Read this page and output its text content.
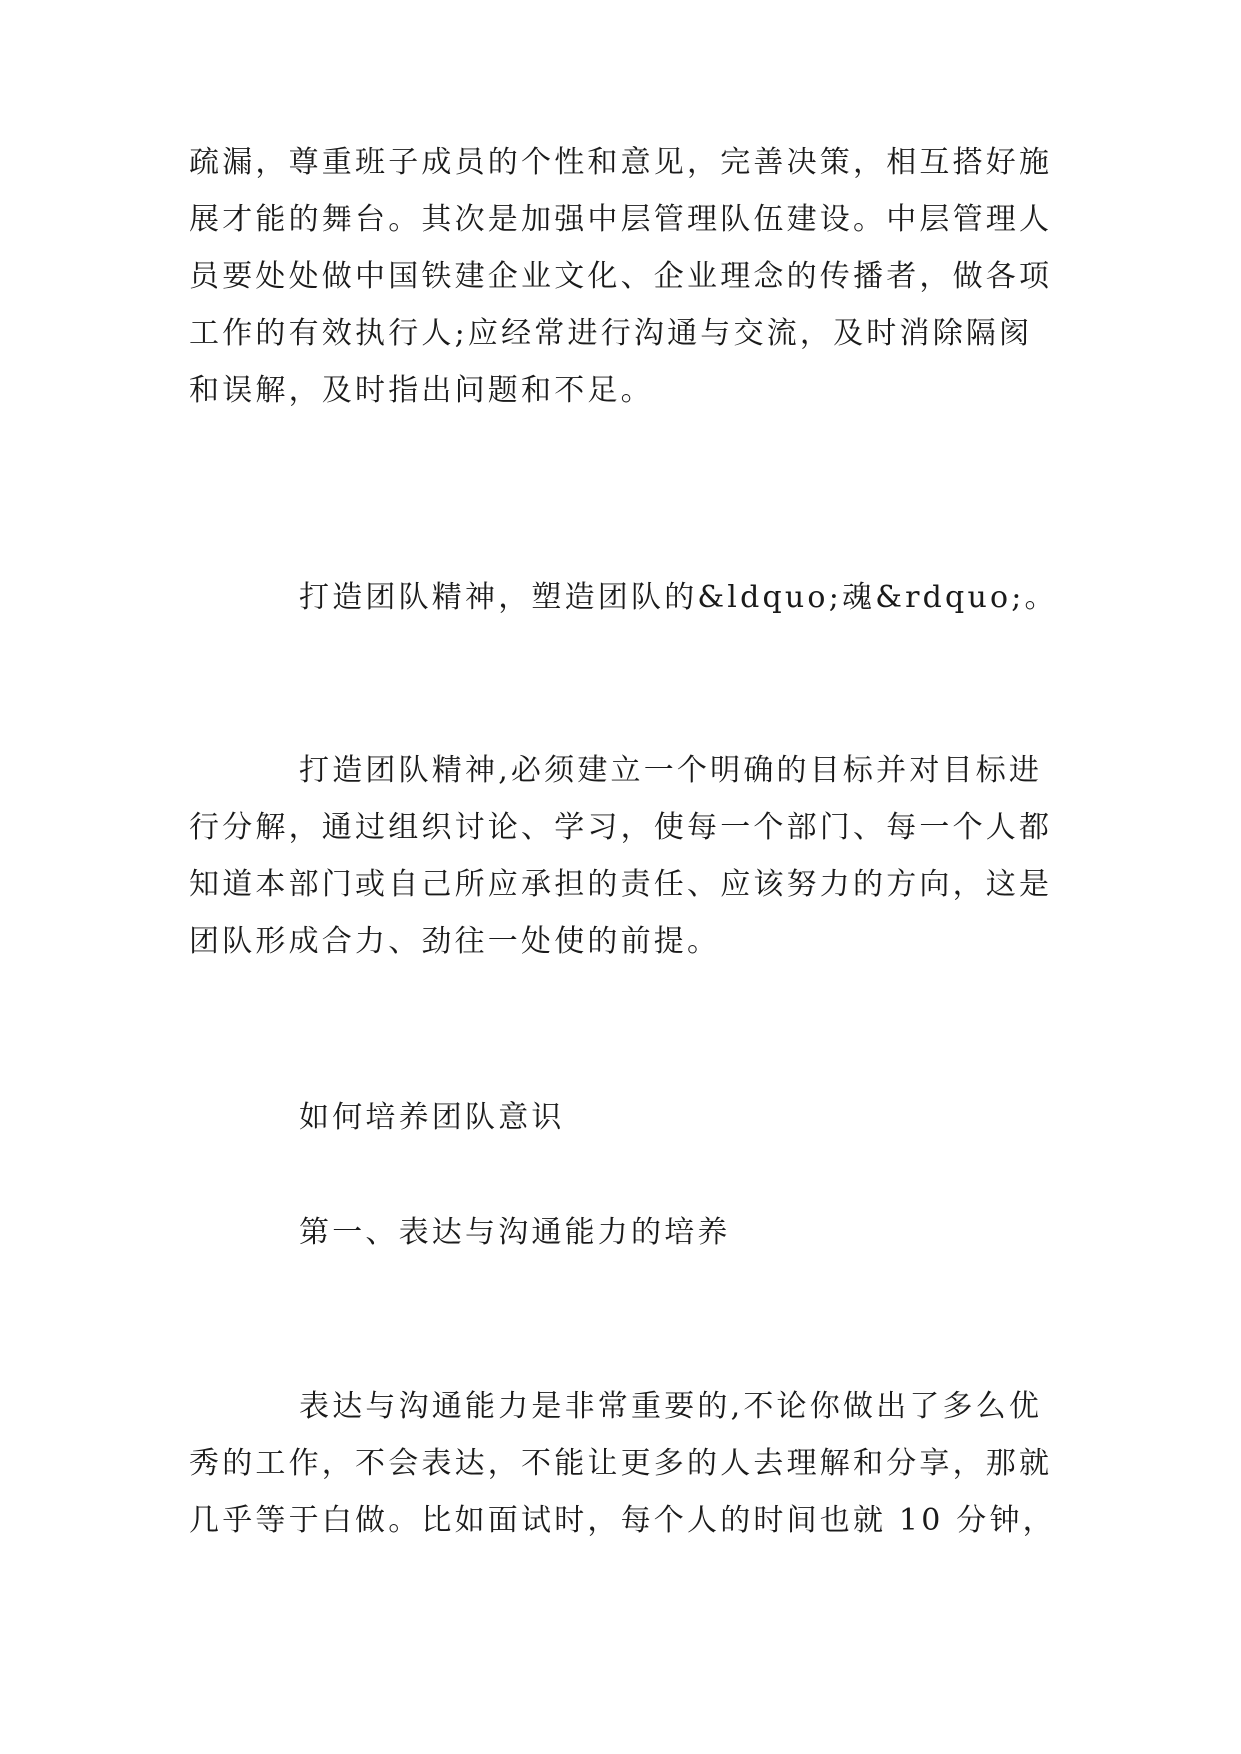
疏漏，尊重班子成员的个性和意见，完善决策，相互搭好施
展才能的舞台。其次是加强中层管理队伍建设。中层管理人
员要处处做中国铁建企业文化、企业理念的传播者，做各项
工作的有效执行人;应经常进行沟通与交流，及时消除隔阂
和误解，及时指出问题和不足。
打造团队精神，塑造团队的&ldquo;魂&rdquo;。
打造团队精神,必须建立一个明确的目标并对目标进
行分解，通过组织讨论、学习，使每一个部门、每一个人都
知道本部门或自己所应承担的责任、应该努力的方向，这是
团队形成合力、劲往一处使的前提。
如何培养团队意识
第一、表达与沟通能力的培养
表达与沟通能力是非常重要的,不论你做出了多么优
秀的工作，不会表达，不能让更多的人去理解和分享，那就
几乎等于白做。比如面试时，每个人的时间也就 10 分钟，
